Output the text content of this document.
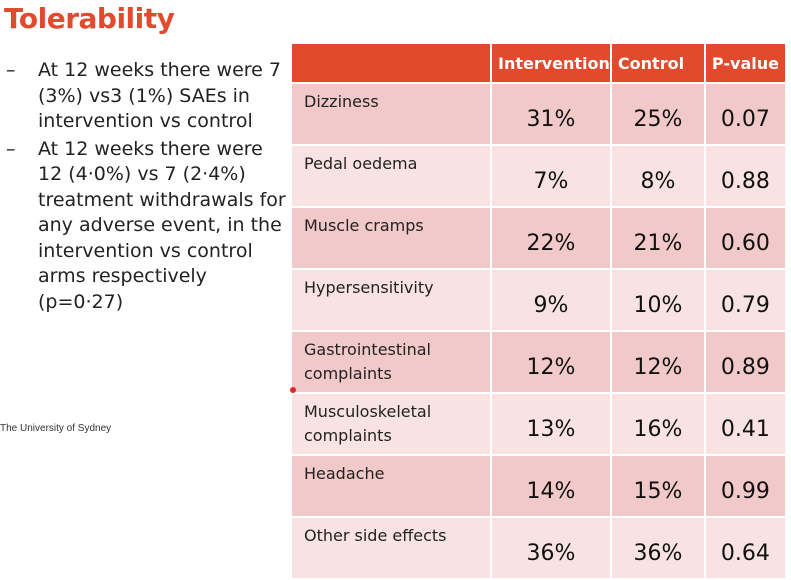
Tolerability
– At 12 weeks there were 7 (3%) vs3 (1%) SAEs in intervention vs control
– At 12 weeks there were 12 (4·0%) vs 7 (2·4%) treatment withdrawals for any adverse event, in the intervention vs control arms respectively (p=0·27)
	Intervention	Control	P-value
Dizziness	31%	25%	0.07
Pedal oedema	7%	8%	0.88
Muscle cramps	22%	21%	0.60
Hypersensitivity	9%	10%	0.79
Gastrointestinal complaints	12%	12%	0.89
Musculoskeletal complaints	13%	16%	0.41
Headache	14%	15%	0.99
Other side effects	36%	36%	0.64
The University of Sydney
